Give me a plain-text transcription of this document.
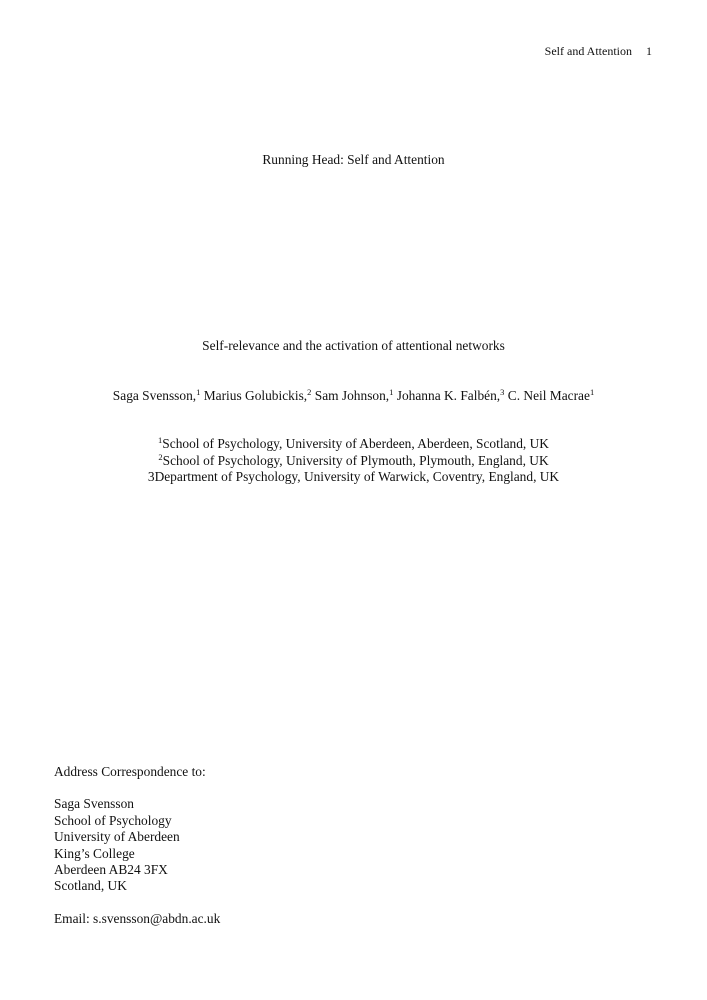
Self and Attention 1
Running Head: Self and Attention
Self-relevance and the activation of attentional networks
Saga Svensson,$^1$ Marius Golubickis,$^2$ Sam Johnson,$^1$ Johanna K. Falbén,$^3$ C. Neil Macrae$^1$
$^1$School of Psychology, University of Aberdeen, Aberdeen, Scotland, UK
$^2$School of Psychology, University of Plymouth, Plymouth, England, UK
3Department of Psychology, University of Warwick, Coventry, England, UK
Address Correspondence to:
Saga Svensson
School of Psychology
University of Aberdeen
King’s College
Aberdeen AB24 3FX
Scotland, UK
Email: s.svensson@abdn.ac.uk
